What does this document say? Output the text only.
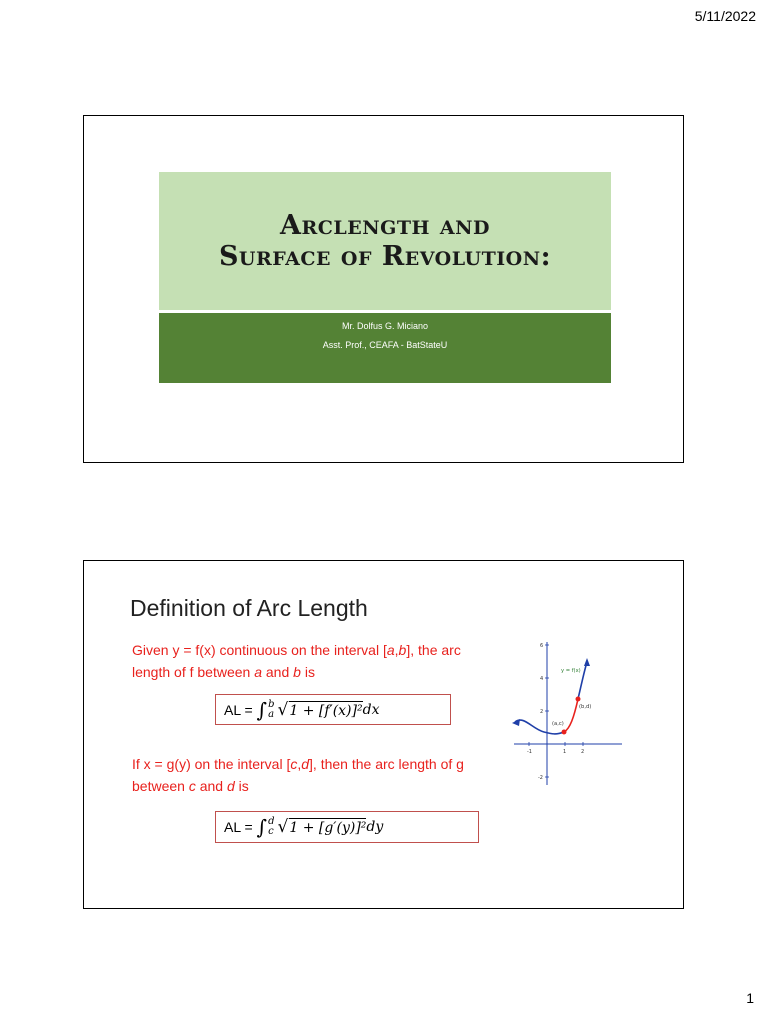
5/11/2022
Arclength and
Surface of Revolution:
Mr. Dolfus G. Miciano
Asst. Prof., CEAFA - BatStateU
Definition of Arc Length
Given y = f(x) continuous on the interval [a,b], the arc length of f between a and b is
AL = ∫ b
a √ 1 + [f′(x)]² dx
If x = g(y) on the interval [c,d], then the arc length of g between c and d is
AL = ∫ d
c √ 1 + [g′(y)]² dy
-1	1	2
6
4
2
-2
y = f(x)
(b,d)
(a,c)
1
